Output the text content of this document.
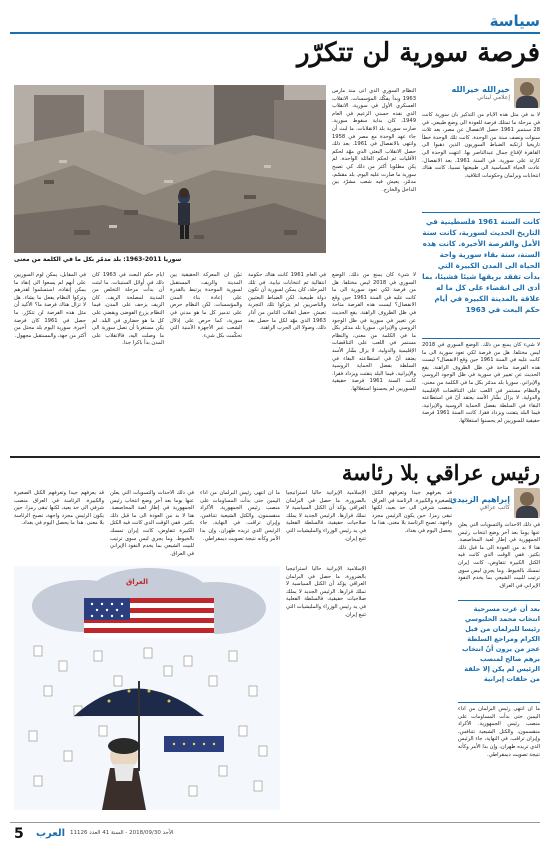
سياسة
فرصة سورية لن تتكرّر
خيرالله خيرالله
إعلامي لبناني
سوريا 2011-1963: بلد مدمّر بكل ما في الكلمة من معنى
النظام السوري الذي أتى منذ مارس 1963 وبدأ يفكّك المؤسسات. الانقلاب العسكري الأول في سورية، الانقلاب الذي نفذه حسني الزعيم في العام 1949، كان بداية سقوط سورية. صارت سورية بلد الانقلابات. ما لبث أن جاء عهد الوحدة مع مصر في 1958 وانتهى بالانفصال في 1961. بعد ذلك حصل الانقلاب البعثي الذي مهّد لحكم الأقليات ثم لحكم العائلة الواحدة. لم يكن مطلوبا أكثر من ذلك كي تصبح سورية ما صارت عليه اليوم. بلد مقسّم، مدمّر، يعيش فيه شعب مشرّد بين الداخل والخارج.
لا بد في مثل هذه الأيام من التذكير بأن سورية كانت في مرحلة ما تمتلك فرصة للعودة الى وضع طبيعي. في 28 سبتمبر 1961 حصل الانفصال عن مصر، بعد ثلاث سنوات ونصف سنة من الوحدة. كانت تلك الوحدة خطأ تاريخيا ارتكبه الضباط السوريون الذين ذهبوا الى القاهرة لإقناع جمال عبدالناصر بها. انتهت الوحدة الى كارثة على سورية. في السنة 1961، بعد الانفصال، عادت الحياة السياسية الى طبيعتها نسبيا، كانت هناك انتخابات وبرلمان وحكومات ائتلافية.
كانت السنة 1961 فلسطينية في التاريخ الحديث لسورية، كانت سنة الأمل والفرصة الأخيرة. كانت هذه السنة، سنة بقاء سورية واحة الحياة الى المدن الكبيرة التي بدأت تفقد بريقها شيئا فشيئا، بما أدى الى انقضاء على كل ما له علاقة بالمدينة الكبيرة في أيام حكم البعث في 1963
لا شيء كان يمنع من ذلك. الوضع السوري في 2018 ليس مختلفا. هل من فرصة لكي تعود سورية الى ما كانت عليه في السنة 1961 حين وقع الانفصال؟ ليست هذه الفرصة متاحة في ظل الظروف الراهنة. يقع الحديث عن تغيير في سورية في ظل الوجود الروسي والإيراني. سوريا بلد مدمّر بكل ما في الكلمة من معنى، والنظام مستمر في اللعب على التناقضات الإقليمية والدولية. لا يزال بشّار الأسد يعتقد أنّ في استطاعته البقاء في السلطة بفضل الحماية الروسية والإيرانية، فيما البلد يتفتت ويزداد فقرا. كانت السنة 1961 فرصة حقيقية للسوريين لم يحسنوا استغلالها.
في المقابل، يمكن لوم السوريين على أنهم لم يسعوا الى إنقاذ ما يمكن إنقاذه. استسلموا لقدرهم وتركوا النظام يفعل ما يشاء. هل لا تزال هناك فرصة ما؟ الأكيد أن مثل هذه الفرصة لن تتكرّر. ما حصل في 1961 كان فرصة أخيرة. سورية اليوم بلد محتل من أكثر من جهة، والمستقبل مجهول.
أيام حكم البعث في 1963 كان ذلك في أوائل الستينات. ما لبثت أن بدأت مرحلة التخلص من المدينة لمصلحة الريف. كان الريف يزحف على المدن، فيما النظام يزرع الفوضى ويقضي على كل ما هو حضاري في البلد. لم يكن مستغربا أن تصل سورية الى ما وصلت اليه، فالانقلاب على المدن بدأ باكرا جدا.
تبيّن أن المعركة الحقيقية بين المدينة والريف. المستقبل لسورية الموحدة يرتبط بالقدرة على إعادة بناء المدن والمؤسسات. لكن النظام حرص على تدمير كل ما هو مدني في سورية، كما حرص على إذلال الشعب عبر الأجهزة الأمنية التي تحكّمت بكل شيء.
في العام 1961 كانت هناك حكومة انتقالية ثم انتخابات نيابية. في تلك المرحلة، كان يمكن لسورية أن تكون دولة طبيعية. لكن الضباط البعثيين والناصريين لم يتركوا تلك التجربة تعيش. حصل انقلاب الثامن من آذار 1963 الذي مهّد لكل ما حصل بعد ذلك، وصولا الى الحرب الراهنة.
لا شيء كان يمنع من ذلك. الوضع السوري في 2018 ليس مختلفا. هل من فرصة لكي تعود سورية الى ما كانت عليه في السنة 1961 حين وقع الانفصال؟ ليست هذه الفرصة متاحة في ظل الظروف الراهنة. يقع الحديث عن تغيير في سورية في ظل الوجود الروسي والإيراني. سوريا بلد مدمّر بكل ما في الكلمة من معنى، والنظام مستمر في اللعب على التناقضات الإقليمية والدولية. لا يزال بشّار الأسد يعتقد أنّ في استطاعته البقاء في السلطة بفضل الحماية الروسية والإيرانية، فيما البلد يتفتت ويزداد فقرا. كانت السنة 1961 فرصة حقيقية للسوريين لم يحسنوا استغلالها.
رئيس عراقي بلا رئاسة
إبراهيم الزبيدي
كاتب عراقي
في ذلك الأحداث والتسويات التي يعلن عنها يوما بعد آخر وضع انتخاب رئيس الجمهورية في إطار لعبة المحاصصة. هنا لا بد من العودة الى ما قبل ذلك بكثير. ففي الوقت الذي كانت فيه الكتل الكبيرة تتفاوض، كانت إيران تمسك بالخيوط. وما يجري ليس سوى ترتيب للبيت الشيعي بما يخدم النفوذ الإيراني في العراق.
بعد أن عرت مسرحية انتخاب محمد الحلبوسي رئيسا للبرلمان من قبل الكرام ومراجع السلطة عجز من يرون أنّ انتخاب برهم صالح لمنصب الرئيس لم يكن إلا حلقة من حلقات إيرانية
ما أن انتهى رئيس البرلمان من أداء اليمين حتى بدأت المساومات على منصب رئيس الجمهورية. الأكراد منقسمون، والكتل الشيعية تتنافس، وإيران تراقب. في النهاية، جاء الرئيس الذي تريده طهران، وإن بدا الأمر وكأنه نتيجة تصويت ديمقراطي.
قد يعرفهم جيدا وتعرفهم الكتل الصغيرة والكبيرة. الرئاسة في العراق منصب شرفي الى حد بعيد، لكنها تبقى رمزا. حين يكون الرئيس مجرد واجهة، تصبح الرئاسة بلا معنى. هذا ما يحصل اليوم في بغداد.
الإسلامية الإيرانية حاليا استراتيجيا بالضرورة. ما حصل في البرلمان العراقي يؤكد أن الكتل السياسية لا تملك قرارها. الرئيس الجديد لا يملك صلاحيات حقيقية، فالسلطة الفعلية في يد رئيس الوزراء والمليشيات التي تتبع إيران.
ما أن انتهى رئيس البرلمان من أداء اليمين حتى بدأت المساومات على منصب رئيس الجمهورية. الأكراد منقسمون، والكتل الشيعية تتنافس، وإيران تراقب. في النهاية، جاء الرئيس الذي تريده طهران، وإن بدا الأمر وكأنه نتيجة تصويت ديمقراطي.
في ذلك الأحداث والتسويات التي يعلن عنها يوما بعد آخر وضع انتخاب رئيس الجمهورية في إطار لعبة المحاصصة. هنا لا بد من العودة الى ما قبل ذلك بكثير. ففي الوقت الذي كانت فيه الكتل الكبيرة تتفاوض، كانت إيران تمسك بالخيوط. وما يجري ليس سوى ترتيب للبيت الشيعي بما يخدم النفوذ الإيراني في العراق.
قد يعرفهم جيدا وتعرفهم الكتل الصغيرة والكبيرة. الرئاسة في العراق منصب شرفي الى حد بعيد، لكنها تبقى رمزا. حين يكون الرئيس مجرد واجهة، تصبح الرئاسة بلا معنى. هذا ما يحصل اليوم في بغداد.
الإسلامية الإيرانية حاليا استراتيجيا بالضرورة. ما حصل في البرلمان العراقي يؤكد أن الكتل السياسية لا تملك قرارها. الرئيس الجديد لا يملك صلاحيات حقيقية، فالسلطة الفعلية في يد رئيس الوزراء والمليشيات التي تتبع إيران.
العراق
5 العرب الأحد 2018/09/30 - السنة 41 العدد 11126
